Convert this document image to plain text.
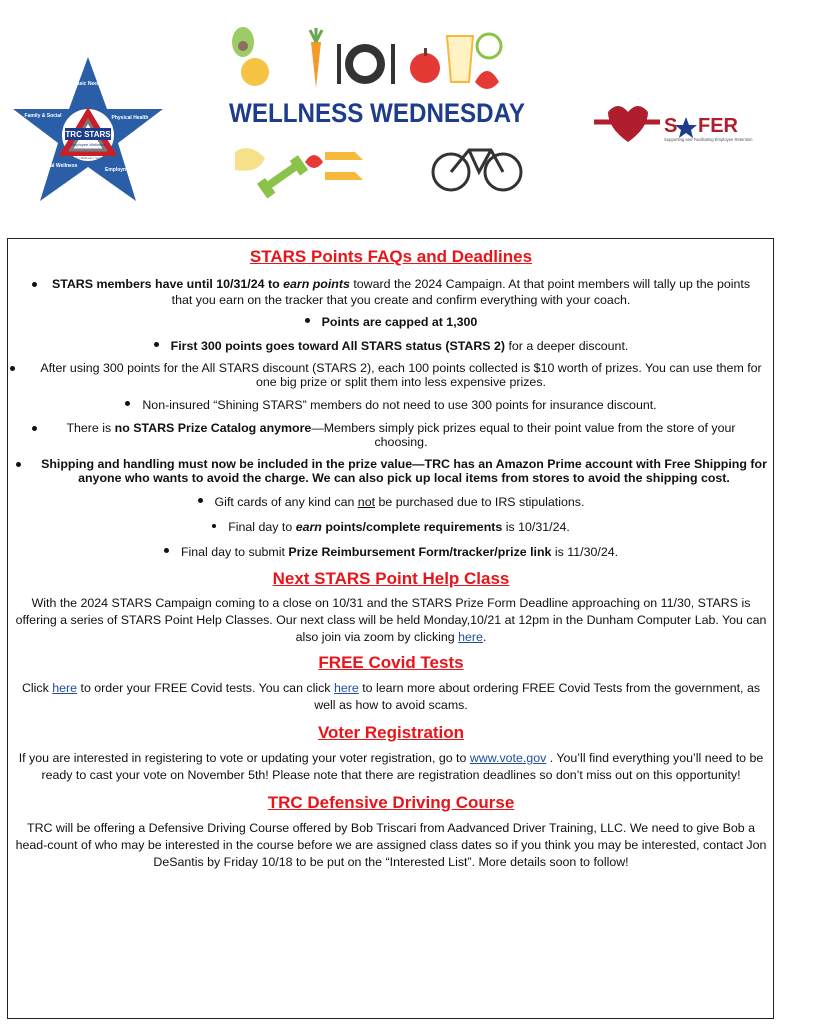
TRC STARS
Employee Wellness
Safety | Wellness | Success
Basic Needs
Physical Health
Employment
Mental Wellness
Family & Social	WELLNESS WEDNESDAY	S FER
Supporting and Facilitating Employee Retention
STARS Points FAQs and Deadlines

STARS members have until 10/31/24 to earn points toward the 2024 Campaign. At that point members will tally up the points that you earn on the tracker that you create and confirm everything with your coach.

Points are capped at 1,300

First 300 points goes toward All STARS status (STARS 2) for a deeper discount.

After using 300 points for the All STARS discount (STARS 2), each 100 points collected is $10 worth of prizes. You can use them for one big prize or split them into less expensive prizes.

Non-insured “Shining STARS” members do not need to use 300 points for insurance discount.

There is no STARS Prize Catalog anymore—Members simply pick prizes equal to their point value from the store of your choosing.

Shipping and handling must now be included in the prize value—TRC has an Amazon Prime account with Free Shipping for anyone who wants to avoid the charge. We can also pick up local items from stores to avoid the shipping cost.

Gift cards of any kind can not be purchased due to IRS stipulations.

Final day to earn points/complete requirements is 10/31/24.

Final day to submit Prize Reimbursement Form/tracker/prize link is 11/30/24.

Next STARS Point Help Class

With the 2024 STARS Campaign coming to a close on 10/31 and the STARS Prize Form Deadline approaching on 11/30, STARS is offering a series of STARS Point Help Classes. Our next class will be held Monday,10/21 at 12pm in the Dunham Computer Lab. You can also join via zoom by clicking here.

FREE Covid Tests

Click here to order your FREE Covid tests. You can click here to learn more about ordering FREE Covid Tests from the government, as well as how to avoid scams.

Voter Registration

If you are interested in registering to vote or updating your voter registration, go to www.vote.gov . You’ll find everything you’ll need to be ready to cast your vote on November 5th! Please note that there are registration deadlines so don’t miss out on this opportunity!

TRC Defensive Driving Course

TRC will be offering a Defensive Driving Course offered by Bob Triscari from Aadvanced Driver Training, LLC. We need to give Bob a head-count of who may be interested in the course before we are assigned class dates so if you think you may be interested, contact Jon DeSantis by Friday 10/18 to be put on the “Interested List”. More details soon to follow!
